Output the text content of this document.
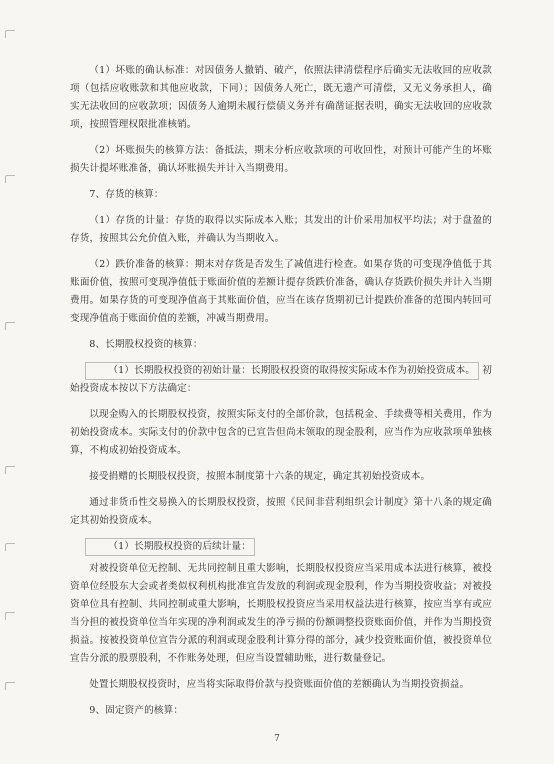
（1）坏账的确认标准：对因债务人撤销、破产，依照法律清偿程序后确实无法收回的应收款项（包括应收账款和其他应收款，下同）；因债务人死亡，既无遗产可清偿，又无义务承担人，确实无法收回的应收款项；因债务人逾期未履行偿债义务并有确凿证据表明，确实无法收回的应收款项，按照管理权限批准核销。

（2）坏账损失的核算方法：备抵法，期末分析应收款项的可收回性，对预计可能产生的坏账损失计提坏账准备，确认坏账损失并计入当期费用。

7、存货的核算：

（1）存货的计量：存货的取得以实际成本入账；其发出的计价采用加权平均法；对于盘盈的存货，按照其公允价值入账，并确认为当期收入。

（2）跌价准备的核算：期末对存货是否发生了减值进行检查。如果存货的可变现净值低于其账面价值，按照可变现净值低于账面价值的差额计提存货跌价准备，确认存货跌价损失并计入当期费用。如果存货的可变现净值高于其账面价值，应当在该存货期初已计提跌价准备的范围内转回可变现净值高于账面价值的差额，冲减当期费用。

8、长期股权投资的核算：

（1）长期股权投资的初始计量：长期股权投资的取得按实际成本作为初始投资成本。 初始投资成本按以下方法确定：

以现金购入的长期股权投资，按照实际支付的全部价款，包括税金、手续费等相关费用，作为初始投资成本。实际支付的价款中包含的已宣告但尚未领取的现金股利，应当作为应收款项单独核算，不构成初始投资成本。

接受捐赠的长期股权投资，按照本制度第十六条的规定，确定其初始投资成本。

通过非货币性交易换入的长期股权投资，按照《民间非营利组织会计制度》第十八条的规定确定其初始投资成本。

（1）长期股权投资的后续计量：

对被投资单位无控制、无共同控制且重大影响，长期股权投资应当采用成本法进行核算，被投资单位经股东大会或者类似权利机构批准宣告发放的利润或现金股利，作为当期投资收益；对被投资单位具有控制、共同控制或重大影响，长期股权投资应当采用权益法进行核算，按应当享有或应当分担的被投资单位当年实现的净利润或发生的净亏损的份额调整投资账面价值，并作为当期投资损益。按被投资单位宣告分派的利润或现金股利计算分得的部分，减少投资账面价值，被投资单位宣告分派的股票股利，不作账务处理，但应当设置辅助账，进行数量登记。

处置长期股权投资时，应当将实际取得价款与投资账面价值的差额确认为当期投资损益。

9、固定资产的核算：

7
